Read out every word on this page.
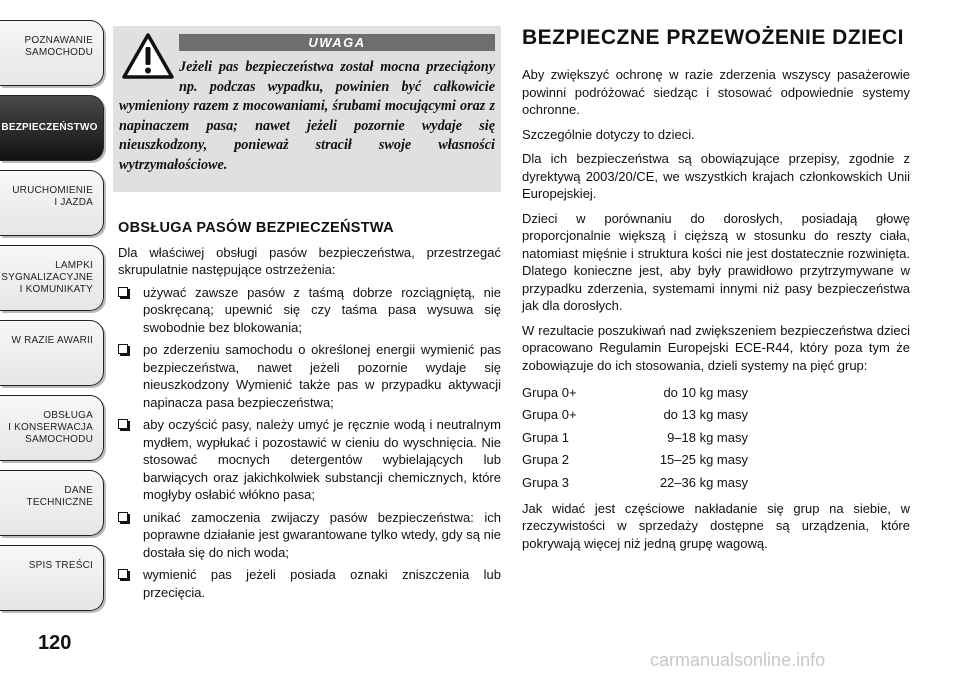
POZNAWANIE
SAMOCHODU
BEZPIECZEŃSTWO
URUCHOMIENIE
I JAZDA
LAMPKI
SYGNALIZACYJNE
I KOMUNIKATY
W RAZIE AWARII
OBSŁUGA
I KONSERWACJA
SAMOCHODU
DANE
TECHNICZNE
SPIS TREŚCI
120
UWAGA
Jeżeli pas bezpieczeństwa został mocna przeciążony np. podczas wypadku, powinien być całkowicie wymieniony razem z mocowaniami, śrubami mocującymi oraz z napinaczem pasa; nawet jeżeli pozornie wydaje się nieuszkodzony, ponieważ stracił swoje własności wytrzymałościowe.
OBSŁUGA PASÓW BEZPIECZEŃSTWA

Dla właściwej obsługi pasów bezpieczeństwa, przestrzegać skrupulatnie następujące ostrzeżenia:

używać zawsze pasów z taśmą dobrze rozciągniętą, nie poskręcaną; upewnić się czy taśma pasa wysuwa się swobodnie bez blokowania;
po zderzeniu samochodu o określonej energii wymienić pas bezpieczeństwa, nawet jeżeli pozornie wydaje się nieuszkodzony Wymienić także pas w przypadku aktywacji napinacza pasa bezpieczeństwa;
aby oczyścić pasy, należy umyć je ręcznie wodą i neutralnym mydłem, wypłukać i pozostawić w cieniu do wyschnięcia. Nie stosować mocnych detergentów wybielających lub barwiących oraz jakichkolwiek substancji chemicznych, które mogłyby osłabić włókno pasa;
unikać zamoczenia zwijaczy pasów bezpieczeństwa: ich poprawne działanie jest gwarantowane tylko wtedy, gdy są nie dostała się do nich woda;
wymienić pas jeżeli posiada oznaki zniszczenia lub przecięcia.
BEZPIECZNE PRZEWOŻENIE DZIECI

Aby zwiększyć ochronę w razie zderzenia wszyscy pasażerowie powinni podróżować siedząc i stosować odpowiednie systemy ochronne.

Szczególnie dotyczy to dzieci.

Dla ich bezpieczeństwa są obowiązujące przepisy, zgodnie z dyrektywą 2003/20/CE, we wszystkich krajach członkowskich Unii Europejskiej.

Dzieci w porównaniu do dorosłych, posiadają głowę proporcjonalnie większą i cięższą w stosunku do reszty ciała, natomiast mięśnie i struktura kości nie jest dostatecznie rozwinięta. Dlatego konieczne jest, aby były prawidłowo przytrzymywane w przypadku zderzenia, systemami innymi niż pasy bezpieczeństwa jak dla dorosłych.

W rezultacie poszukiwań nad zwiększeniem bezpieczeństwa dzieci opracowano Regulamin Europejski ECE-R44, który poza tym że zobowiązuje do ich stosowania, dzieli systemy na pięć grup:

Grupa 0+	do 10 kg masy
Grupa 0+	do 13 kg masy
Grupa 1	9–18 kg masy
Grupa 2	15–25 kg masy
Grupa 3	22–36 kg masy

Jak widać jest częściowe nakładanie się grup na siebie, w rzeczywistości w sprzedaży dostępne są urządzenia, które pokrywają więcej niż jedną grupę wagową.

carmanualsonline.info
